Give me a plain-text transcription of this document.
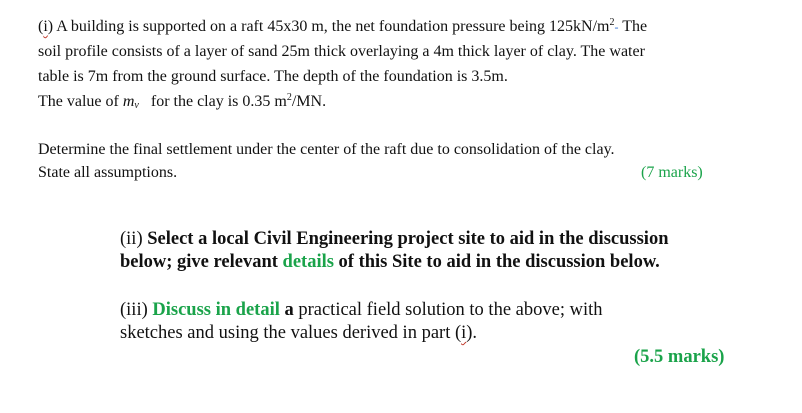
(i) A building is supported on a raft 45x30 m, the net foundation pressure being $125kN/m^2‐$ The
soil profile consists of a layer of sand 25m thick overlaying a 4m thick layer of clay. The water
table is 7m from the ground surface. The depth of the foundation is 3.5m.
The value of $m_v$ for the clay is 0.35 $m^2/MN$.
Determine the final settlement under the center of the raft due to consolidation of the clay.
State all assumptions.	(7 marks)
(ii) Select a local Civil Engineering project site to aid in the discussion
below; give relevant details of this Site to aid in the discussion below.
(iii) Discuss in detail a practical field solution to the above; with
sketches and using the values derived in part (i).
(5.5 marks)
